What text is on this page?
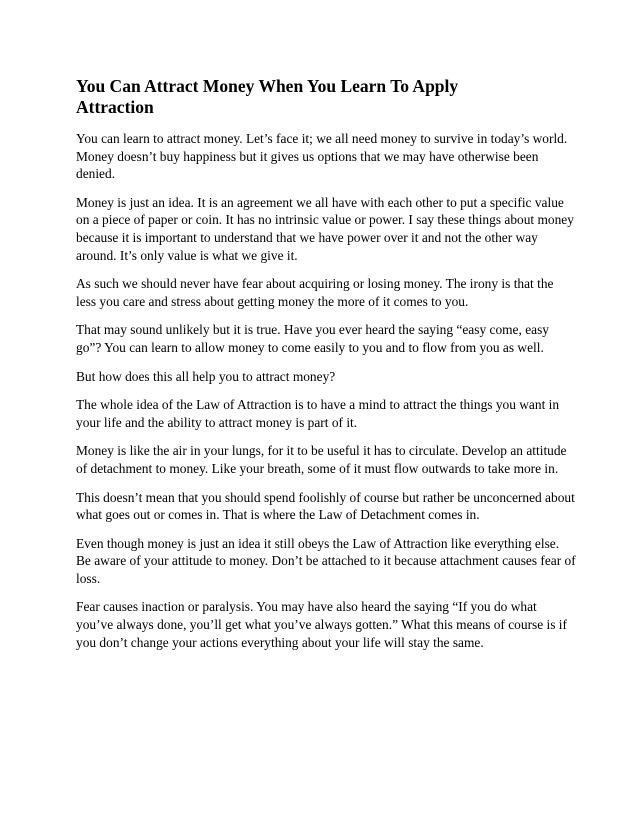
You Can Attract Money When You Learn To Apply Attraction

You can learn to attract money. Let’s face it; we all need money to survive in today’s world. Money doesn’t buy happiness but it gives us options that we may have otherwise been denied.

Money is just an idea. It is an agreement we all have with each other to put a specific value on a piece of paper or coin. It has no intrinsic value or power. I say these things about money because it is important to understand that we have power over it and not the other way around. It’s only value is what we give it.

As such we should never have fear about acquiring or losing money. The irony is that the less you care and stress about getting money the more of it comes to you.

That may sound unlikely but it is true. Have you ever heard the saying “easy come, easy go”? You can learn to allow money to come easily to you and to flow from you as well.

But how does this all help you to attract money?

The whole idea of the Law of Attraction is to have a mind to attract the things you want in your life and the ability to attract money is part of it.

Money is like the air in your lungs, for it to be useful it has to circulate. Develop an attitude of detachment to money. Like your breath, some of it must flow outwards to take more in.

This doesn’t mean that you should spend foolishly of course but rather be unconcerned about what goes out or comes in. That is where the Law of Detachment comes in.

Even though money is just an idea it still obeys the Law of Attraction like everything else. Be aware of your attitude to money. Don’t be attached to it because attachment causes fear of loss.

Fear causes inaction or paralysis. You may have also heard the saying “If you do what you’ve always done, you’ll get what you’ve always gotten.” What this means of course is if you don’t change your actions everything about your life will stay the same.
